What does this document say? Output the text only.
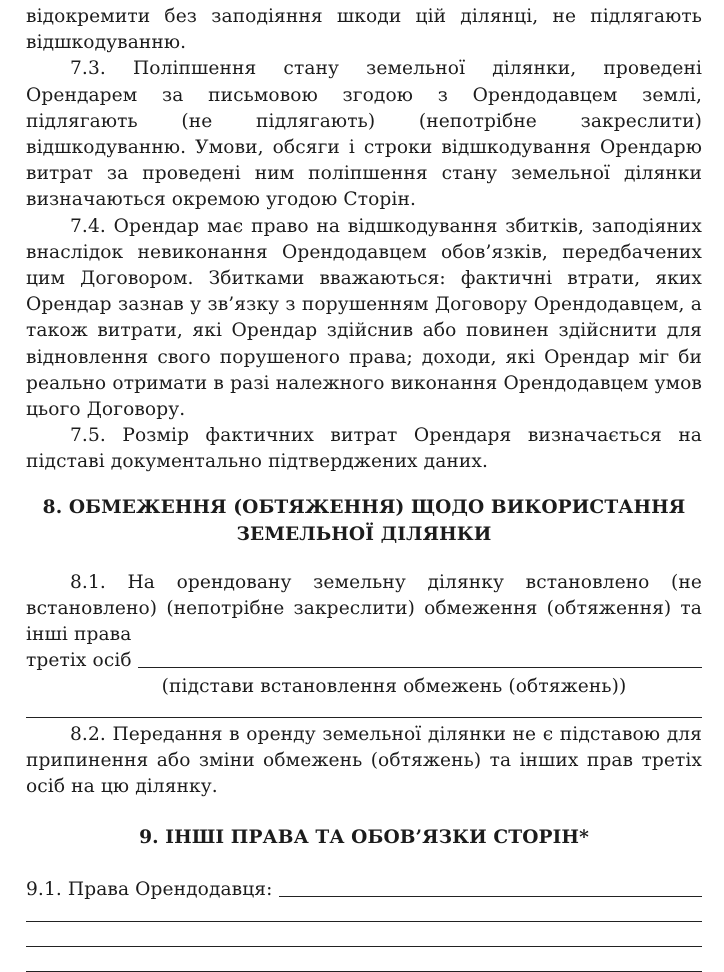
відокремити без заподіяння шкоди цій ділянці, не підлягають відшкодуванню.

7.3. Поліпшення стану земельної ділянки, проведені Орендарем за письмовою згодою з Орендодавцем землі, підлягають (не підлягають) (непотрібне закреслити) відшкодуванню. Умови, обсяги і строки відшкодування Орендарю витрат за проведені ним поліпшення стану земельної ділянки визначаються окремою угодою Сторін.

7.4. Орендар має право на відшкодування збитків, заподіяних внаслідок невиконання Орендодавцем обов’язків, передбачених цим Договором. Збитками вважаються: фактичні втрати, яких Орендар зазнав у зв’язку з порушенням Договору Орендодавцем, а також витрати, які Орендар здійснив або повинен здійснити для відновлення свого порушеного права; доходи, які Орендар міг би реально отримати в разі належного виконання Орендодавцем умов цього Договору.

7.5. Розмір фактичних витрат Орендаря визначається на підставі документально підтверджених даних.

8. ОБМЕЖЕННЯ (ОБТЯЖЕННЯ) ЩОДО ВИКОРИСТАННЯ
ЗЕМЕЛЬНОЇ ДІЛЯНКИ

8.1. На орендовану земельну ділянку встановлено (не встановлено) (непотрібне закреслити) обмеження (обтяження) та інші права

третіх осіб
(підстави встановлення обмежень (обтяжень))

8.2. Передання в оренду земельної ділянки не є підставою для припинення або зміни обмежень (обтяжень) та інших прав третіх осіб на цю ділянку.

9. ІНШІ ПРАВА ТА ОБОВ’ЯЗКИ СТОРІН*
9.1. Права Орендодавця:
